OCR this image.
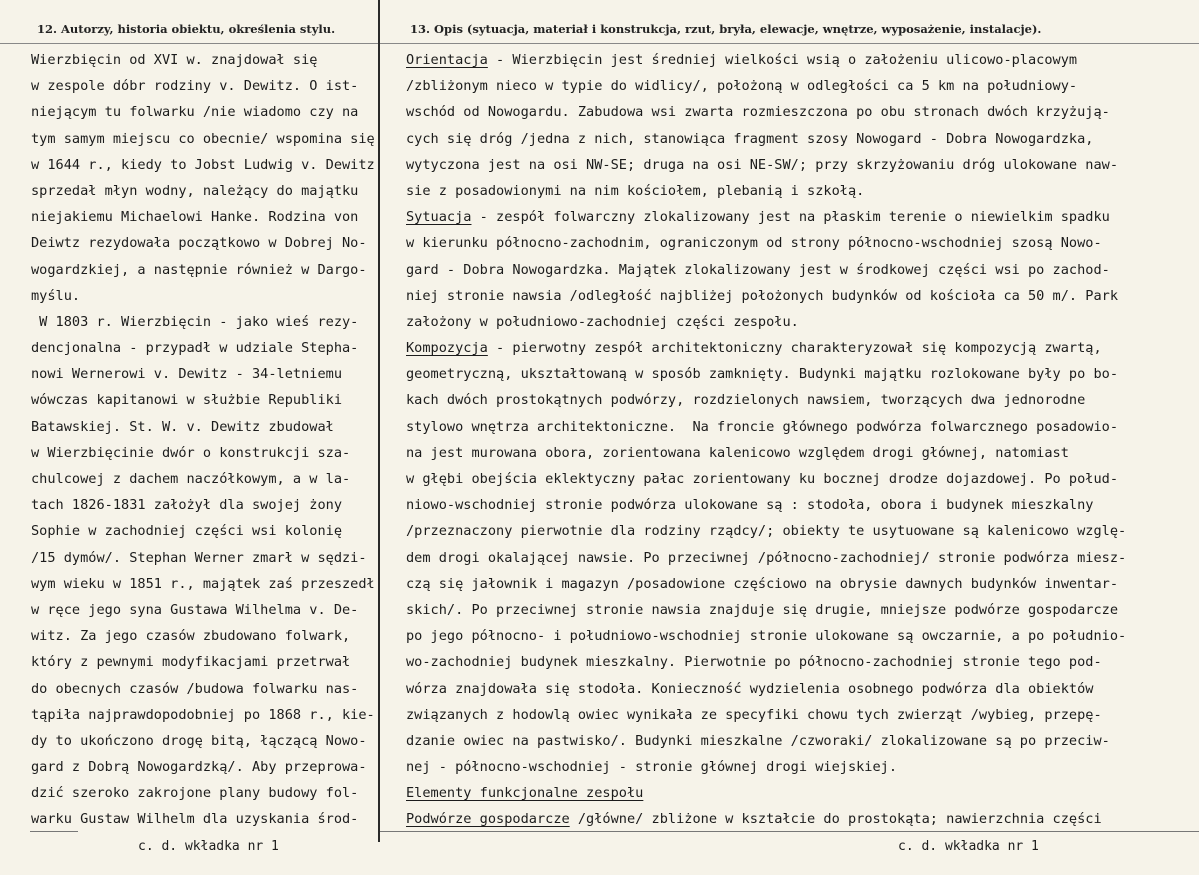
12. Autorzy, historia obiektu, określenia stylu.	13. Opis (sytuacja, materiał i konstrukcja, rzut, bryła, elewacje, wnętrze, wyposażenie, instalacje).
Wierzbięcin od XVI w. znajdował się
w zespole dóbr rodziny v. Dewitz. O ist-
niejącym tu folwarku /nie wiadomo czy na
tym samym miejscu co obecnie/ wspomina się
w 1644 r., kiedy to Jobst Ludwig v. Dewitz
sprzedał młyn wodny, należący do majątku
niejakiemu Michaelowi Hanke. Rodzina von
Deiwtz rezydowała początkowo w Dobrej No-
wogardzkiej, a następnie również w Dargo-
myślu.
W 1803 r. Wierzbięcin - jako wieś rezy-
dencjonalna - przypadł w udziale Stepha-
nowi Wernerowi v. Dewitz - 34-letniemu
wówczas kapitanowi w służbie Republiki
Batawskiej. St. W. v. Dewitz zbudował
w Wierzbięcinie dwór o konstrukcji sza-
chulcowej z dachem naczółkowym, a w la-
tach 1826-1831 założył dla swojej żony
Sophie w zachodniej części wsi kolonię
/15 dymów/. Stephan Werner zmarł w sędzi-
wym wieku w 1851 r., majątek zaś przeszedł
w ręce jego syna Gustawa Wilhelma v. De-
witz. Za jego czasów zbudowano folwark,
który z pewnymi modyfikacjami przetrwał
do obecnych czasów /budowa folwarku nas-
tąpiła najprawdopodobniej po 1868 r., kie-
dy to ukończono drogę bitą, łączącą Nowo-
gard z Dobrą Nowogardzką/. Aby przeprowa-
dzić szeroko zakrojone plany budowy fol-
warku Gustaw Wilhelm dla uzyskania środ-
Orientacja - Wierzbięcin jest średniej wielkości wsią o założeniu ulicowo-placowym
/zbliżonym nieco w typie do widlicy/, położoną w odległości ca 5 km na południowy-
wschód od Nowogardu. Zabudowa wsi zwarta rozmieszczona po obu stronach dwóch krzyżują-
cych się dróg /jedna z nich, stanowiąca fragment szosy Nowogard - Dobra Nowogardzka,
wytyczona jest na osi NW-SE; druga na osi NE-SW/; przy skrzyżowaniu dróg ulokowane naw-
sie z posadowionymi na nim kościołem, plebanią i szkołą.
Sytuacja - zespół folwarczny zlokalizowany jest na płaskim terenie o niewielkim spadku
w kierunku północno-zachodnim, ograniczonym od strony północno-wschodniej szosą Nowo-
gard - Dobra Nowogardzka. Majątek zlokalizowany jest w środkowej części wsi po zachod-
niej stronie nawsia /odległość najbliżej położonych budynków od kościoła ca 50 m/. Park
założony w południowo-zachodniej części zespołu.
Kompozycja - pierwotny zespół architektoniczny charakteryzował się kompozycją zwartą,
geometryczną, ukształtowaną w sposób zamknięty. Budynki majątku rozlokowane były po bo-
kach dwóch prostokątnych podwórzy, rozdzielonych nawsiem, tworzących dwa jednorodne
stylowo wnętrza architektoniczne.  Na froncie głównego podwórza folwarcznego posadowio-
na jest murowana obora, zorientowana kalenicowo względem drogi głównej, natomiast
w głębi obejścia eklektyczny pałac zorientowany ku bocznej drodze dojazdowej. Po połud-
niowo-wschodniej stronie podwórza ulokowane są : stodoła, obora i budynek mieszkalny
/przeznaczony pierwotnie dla rodziny rządcy/; obiekty te usytuowane są kalenicowo wzglę-
dem drogi okalającej nawsie. Po przeciwnej /północno-zachodniej/ stronie podwórza miesz-
czą się jałownik i magazyn /posadowione częściowo na obrysie dawnych budynków inwentar-
skich/. Po przeciwnej stronie nawsia znajduje się drugie, mniejsze podwórze gospodarcze
po jego północno- i południowo-wschodniej stronie ulokowane są owczarnie, a po południo-
wo-zachodniej budynek mieszkalny. Pierwotnie po północno-zachodniej stronie tego pod-
wórza znajdowała się stodoła. Konieczność wydzielenia osobnego podwórza dla obiektów
związanych z hodowlą owiec wynikała ze specyfiki chowu tych zwierząt /wybieg, przepę-
dzanie owiec na pastwisko/. Budynki mieszkalne /czworaki/ zlokalizowane są po przeciw-
nej - północno-wschodniej - stronie głównej drogi wiejskiej.
Elementy funkcjonalne zespołu
Podwórze gospodarcze /główne/ zbliżone w kształcie do prostokąta; nawierzchnia części
c. d. wkładka nr 1	c. d. wkładka nr 1
